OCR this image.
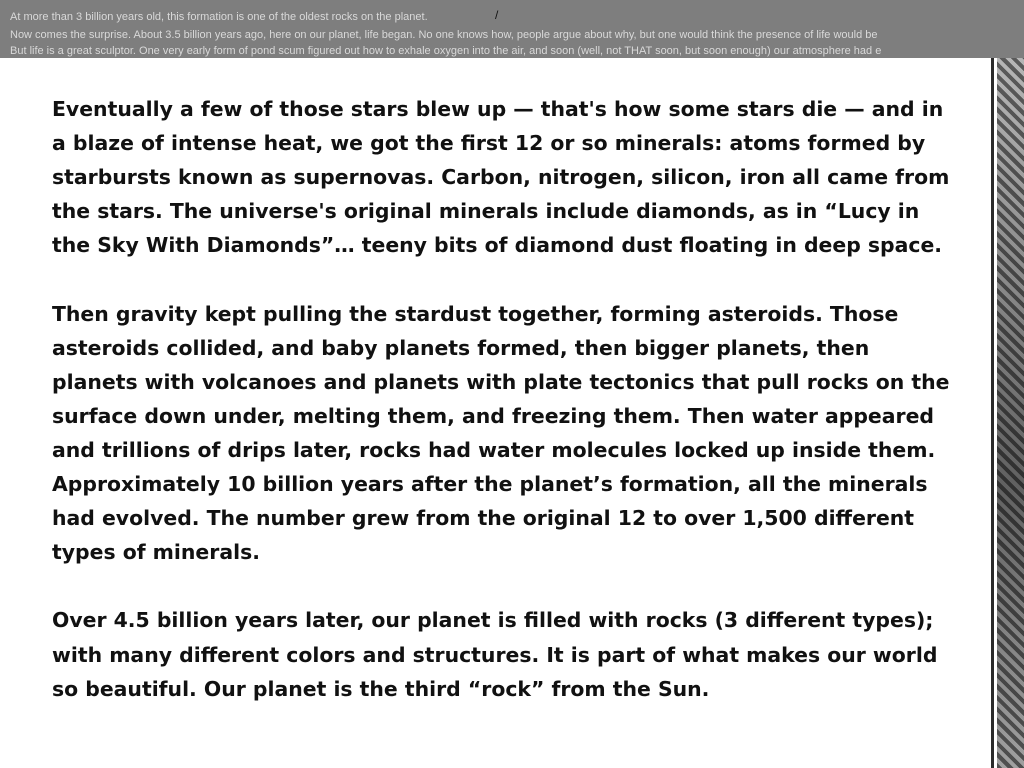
At more than 3 billion years old, this formation is one of the oldest rocks on the planet.	/
Now comes the surprise. About 3.5 billion years ago, here on our planet, life began. No one knows how, people argue about why, but one would think the presence of life would be
But life is a great sculptor. One very early form of pond scum figured out how to exhale oxygen into the air, and soon (well, not THAT soon, but soon enough) our atmosphere had e

Eventually a few of those stars blew up — that's how some stars die — and in a blaze of intense heat, we got the first 12 or so minerals: atoms formed by starbursts known as supernovas. Carbon, nitrogen, silicon, iron all came from the stars. The universe's original minerals include diamonds, as in “Lucy in the Sky With Diamonds”… teeny bits of diamond dust floating in deep space.

Then gravity kept pulling the stardust together, forming asteroids. Those asteroids collided, and baby planets formed, then bigger planets, then planets with volcanoes and planets with plate tectonics that pull rocks on the surface down under, melting them, and freezing them. Then water appeared and trillions of drips later, rocks had water molecules locked up inside them. Approximately 10 billion years after the planet’s formation, all the minerals had evolved. The number grew from the original 12 to over 1,500 different types of minerals.

Over 4.5 billion years later, our planet is filled with rocks (3 different types); with many different colors and structures. It is part of what makes our world so beautiful. Our planet is the third “rock” from the Sun.
